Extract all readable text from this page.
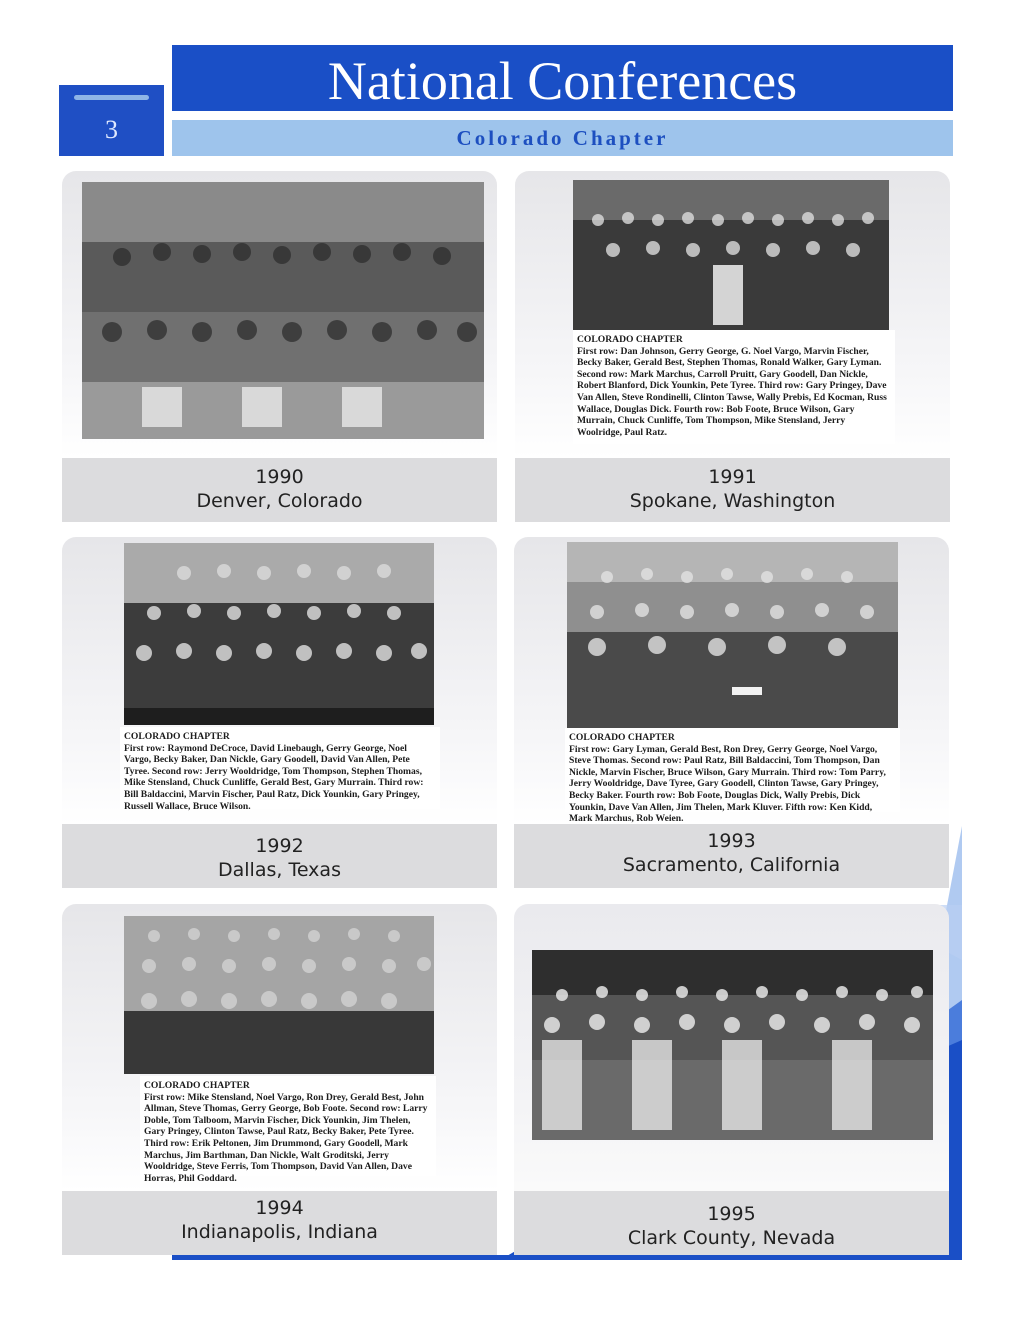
3
National Conferences
Colorado Chapter
1990
Denver, Colorado
COLORADO CHAPTER
First row: Dan Johnson, Gerry George, G. Noel Vargo, Marvin Fischer, Becky Baker, Gerald Best, Stephen Thomas, Ronald Walker, Gary Lyman. Second row: Mark Marchus, Carroll Pruitt, Gary Goodell, Dan Nickle, Robert Blanford, Dick Younkin, Pete Tyree. Third row: Gary Pringey, Dave Van Allen, Steve Rondinelli, Clinton Tawse, Wally Prebis, Ed Kocman, Russ Wallace, Douglas Dick. Fourth row: Bob Foote, Bruce Wilson, Gary Murrain, Chuck Cunliffe, Tom Thompson, Mike Stensland, Jerry Woolridge, Paul Ratz.
1991
Spokane, Washington
COLORADO CHAPTER
First row: Raymond DeCroce, David Linebaugh, Gerry George, Noel Vargo, Becky Baker, Dan Nickle, Gary Goodell, David Van Allen, Pete Tyree. Second row: Jerry Wooldridge, Tom Thompson, Stephen Thomas, Mike Stensland, Chuck Cunliffe, Gerald Best, Gary Murrain. Third row: Bill Baldaccini, Marvin Fischer, Paul Ratz, Dick Younkin, Gary Pringey, Russell Wallace, Bruce Wilson.
1992
Dallas, Texas
COLORADO CHAPTER
First row: Gary Lyman, Gerald Best, Ron Drey, Gerry George, Noel Vargo, Steve Thomas. Second row: Paul Ratz, Bill Baldaccini, Tom Thompson, Dan Nickle, Marvin Fischer, Bruce Wilson, Gary Murrain. Third row: Tom Parry, Jerry Wooldridge, Dave Tyree, Gary Goodell, Clinton Tawse, Gary Pringey, Becky Baker. Fourth row: Bob Foote, Douglas Dick, Wally Prebis, Dick Younkin, Dave Van Allen, Jim Thelen, Mark Kluver. Fifth row: Ken Kidd, Mark Marchus, Rob Weien.
1993
Sacramento, California
COLORADO CHAPTER
First row: Mike Stensland, Noel Vargo, Ron Drey, Gerald Best, John Allman, Steve Thomas, Gerry George, Bob Foote. Second row: Larry Doble, Tom Talboom, Marvin Fischer, Dick Younkin, Jim Thelen, Gary Pringey, Clinton Tawse, Paul Ratz, Becky Baker, Pete Tyree. Third row: Erik Peltonen, Jim Drummond, Gary Goodell, Mark Marchus, Jim Barthman, Dan Nickle, Walt Groditski, Jerry Wooldridge, Steve Ferris, Tom Thompson, David Van Allen, Dave Horras, Phil Goddard.
1994
Indianapolis, Indiana
1995
Clark County, Nevada
